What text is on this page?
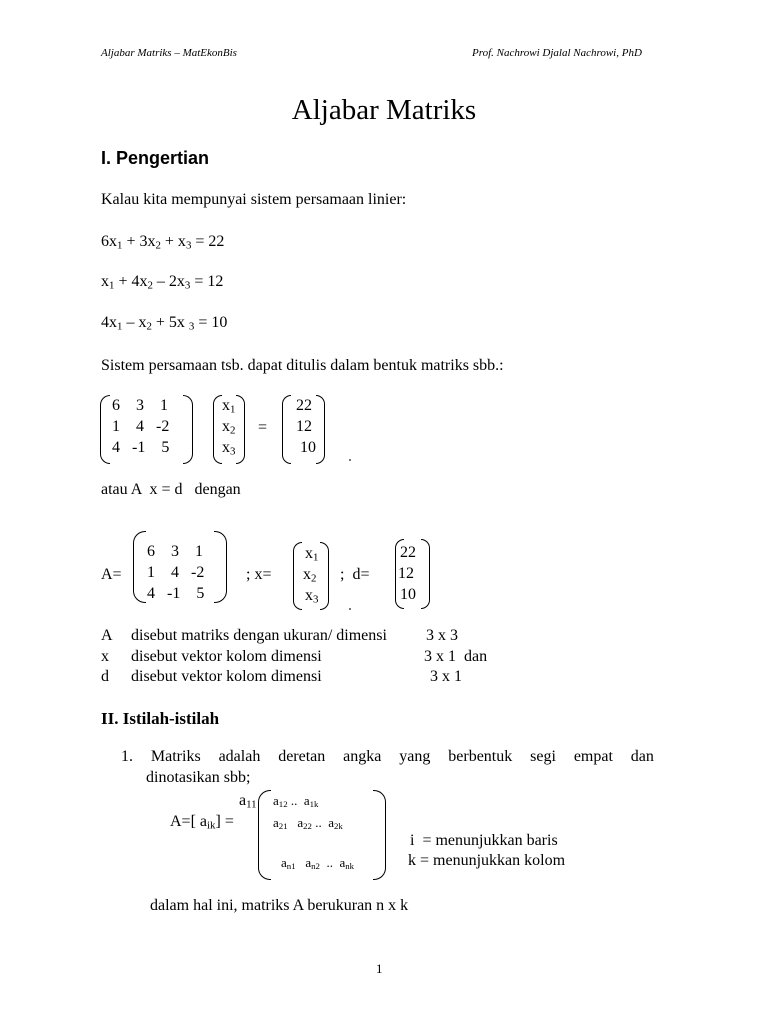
Aljabar Matriks – MatEkonBis	Prof. Nachrowi Djalal Nachrowi, PhD
Aljabar Matriks
I. Pengertian
Kalau kita mempunyai sistem persamaan linier:
$6x_1 + 3x_2 + x_3 = 22$
$x_1 + 4x_2 - 2x_3 = 12$
$4x_1 - x_2 + 5x$ $_3$ = 10
Sistem persamaan tsb. dapat ditulis dalam bentuk matriks sbb.:
6    3    1
1    4   -2
4   -1    5
$x_1$
$x_2$
$x_3$
=
22
12
10
atau A  x = d   dengan
A=
6    3    1
1    4   -2
4   -1    5
; x=
$x_1$
$x_2$
$x_3$
;  d=
22
12
10
A disebut matriks dengan ukuran/ dimensi 3 x 3
x disebut vektor kolom dimensi	3 x 1  dan
d disebut vektor kolom dimensi	3 x 1
II. Istilah-istilah
1. Matriks adalah deretan angka yang berbentuk segi empat dan
dinotasikan sbb;
A=[ $a_{ik}$] =
$a_{11}$ $a_{12}$ .. $a_{1k}$
$a_{21}$ $a_{22}$ .. $a_{2k}$
$a_{n1}$ $a_{n2}$  .. $a_{nk}$
i  = menunjukkan baris
k = menunjukkan kolom
dalam hal ini, matriks A berukuran n x k
1
